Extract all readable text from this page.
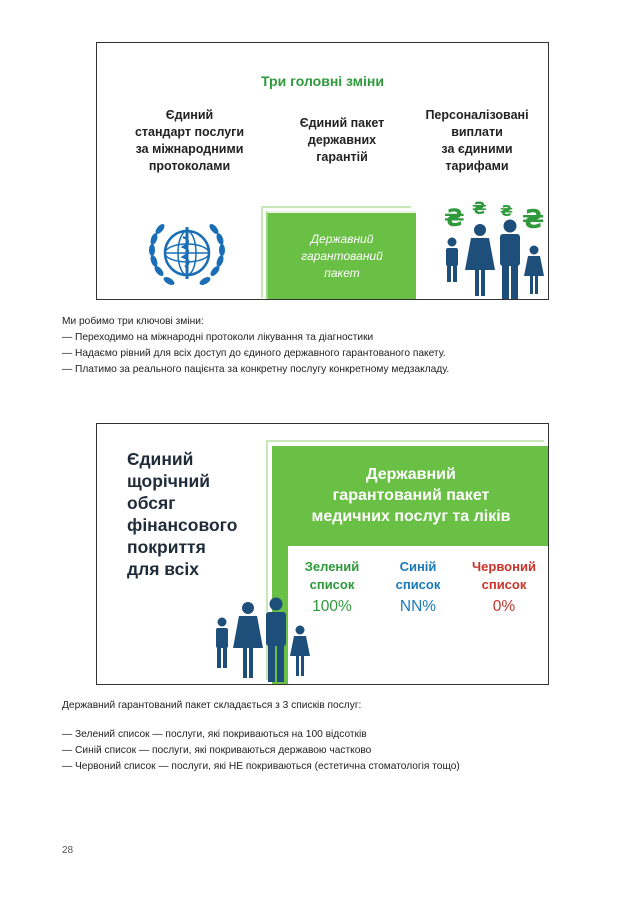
Три головні зміни
Єдиний
стандарт послуги
за міжнародними
протоколами
Єдиний пакет
державних
гарантій
Персоналізовані
виплати
за єдиними
тарифами
Державний
гарантований
пакет
₴ ₴ ₴ ₴

Ми робимо три ключові зміни:

— Переходимо на міжнародні протоколи лікування та діагностики

— Надаємо рівний для всіх доступ до єдиного державного гарантованого пакету.

— Платимо за реального пацієнта за конкретну послугу конкретному медзакладу.

Єдиний
щорічний
обсяг
фінансового
покриття
для всіх
Державний
гарантований пакет
медичних послуг та ліків
Зелений
список
Синій
список
Червоний
список
100%	NN%	0%

Державний гарантований пакет складається з 3 списків послуг:

— Зелений список — послуги, які покриваються на 100 відсотків

— Синій список — послуги, які покриваються державою частково

— Червоний список — послуги, які НЕ покриваються (естетична стоматологія тощо)

28
